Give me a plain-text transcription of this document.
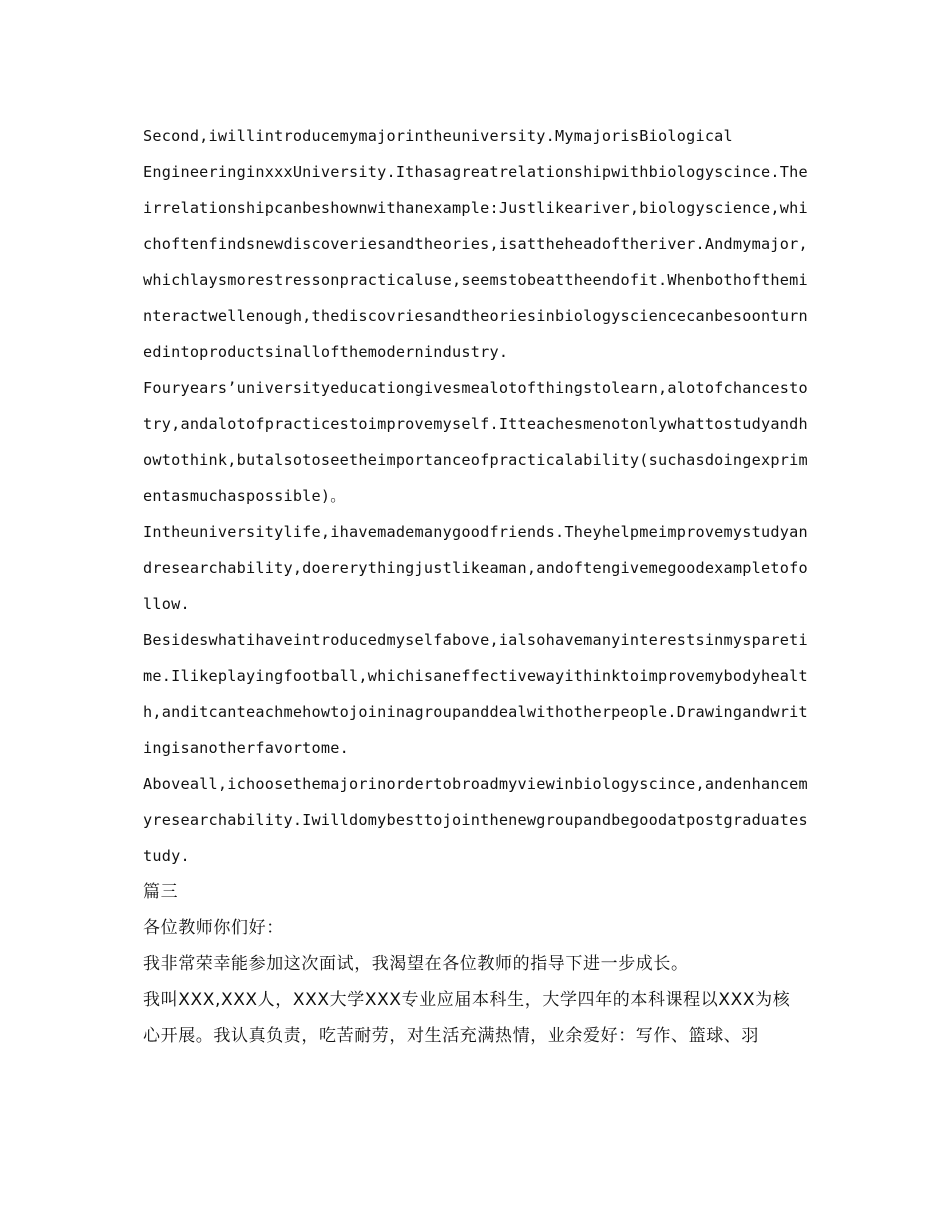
Second,iwillintroducemymajorintheuniversity.MymajorisBiological
EngineeringinxxxUniversity.Ithasagreatrelationshipwithbiologyscince.The
irrelationshipcanbeshownwithanexample:Justlikeariver,biologyscience,whi
choftenfindsnewdiscoveriesandtheories,isattheheadoftheriver.Andmymajor,
whichlaysmorestressonpracticaluse,seemstobeattheendofit.Whenbothofthemi
nteractwellenough,thediscovriesandtheoriesinbiologysciencecanbesoonturn
edintoproductsinallofthemodernindustry.
Fouryears’universityeducationgivesmealotofthingstolearn,alotofchancesto
try,andalotofpracticestoimprovemyself.Itteachesmenotonlywhattostudyandh
owtothink,butalsotoseetheimportanceofpracticalability(suchasdoingexprim
entasmuchaspossible)。
Intheuniversitylife,ihavemademanygoodfriends.Theyhelpmeimprovemystudyan
dresearchability,doererythingjustlikeaman,andoftengivemegoodexampletofo
llow.
Besideswhatihaveintroducedmyselfabove,ialsohavemanyinterestsinmyspareti
me.Ilikeplayingfootball,whichisaneffectivewayithinktoimprovemybodyhealt
h,anditcanteachmehowtojoininagroupanddealwithotherpeople.Drawingandwrit
ingisanotherfavortome.
Aboveall,ichoosethemajorinordertobroadmyviewinbiologyscince,andenhancem
yresearchability.Iwilldomybesttojointhenewgroupandbegoodatpostgraduates
tudy.
篇三
各位教师你们好：
我非常荣幸能参加这次面试，我渴望在各位教师的指导下进一步成长。
我叫XXX,XXX人，XXX大学XXX专业应届本科生，大学四年的本科课程以XXX为核
心开展。我认真负责，吃苦耐劳，对生活充满热情，业余爱好：写作、篮球、羽
